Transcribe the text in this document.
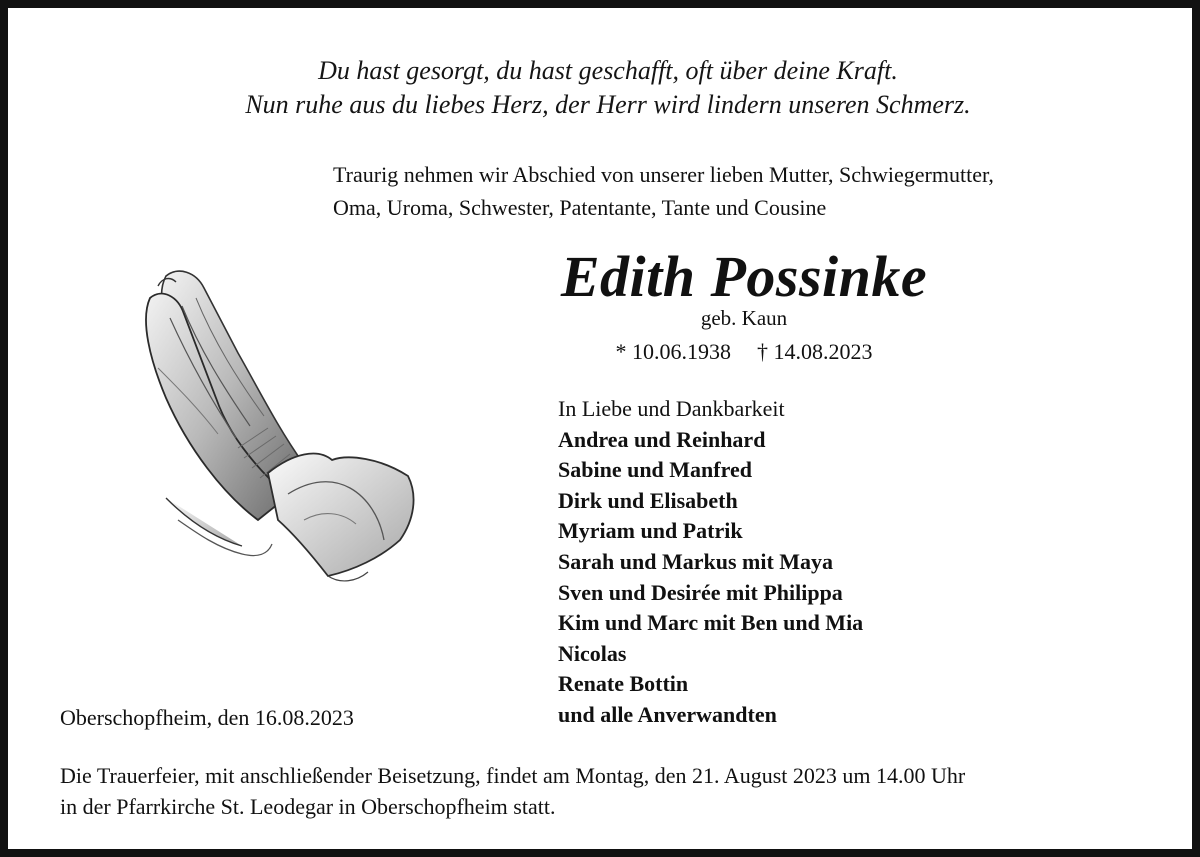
Du hast gesorgt, du hast geschafft, oft über deine Kraft.
Nun ruhe aus du liebes Herz, der Herr wird lindern unseren Schmerz.

Traurig nehmen wir Abschied von unserer lieben Mutter, Schwiegermutter,
Oma, Uroma, Schwester, Patentante, Tante und Cousine

Edith Possinke
geb. Kaun
* 10.06.1938 † 14.08.2023
In Liebe und Dankbarkeit
Andrea und Reinhard
Sabine und Manfred
Dirk und Elisabeth
Myriam und Patrik
Sarah und Markus mit Maya
Sven und Desirée mit Philippa
Kim und Marc mit Ben und Mia
Nicolas
Renate Bottin
und alle Anverwandten
Oberschopfheim, den 16.08.2023

Die Trauerfeier, mit anschließender Beisetzung, findet am Montag, den 21. August 2023 um 14.00 Uhr
in der Pfarrkirche St. Leodegar in Oberschopfheim statt.
